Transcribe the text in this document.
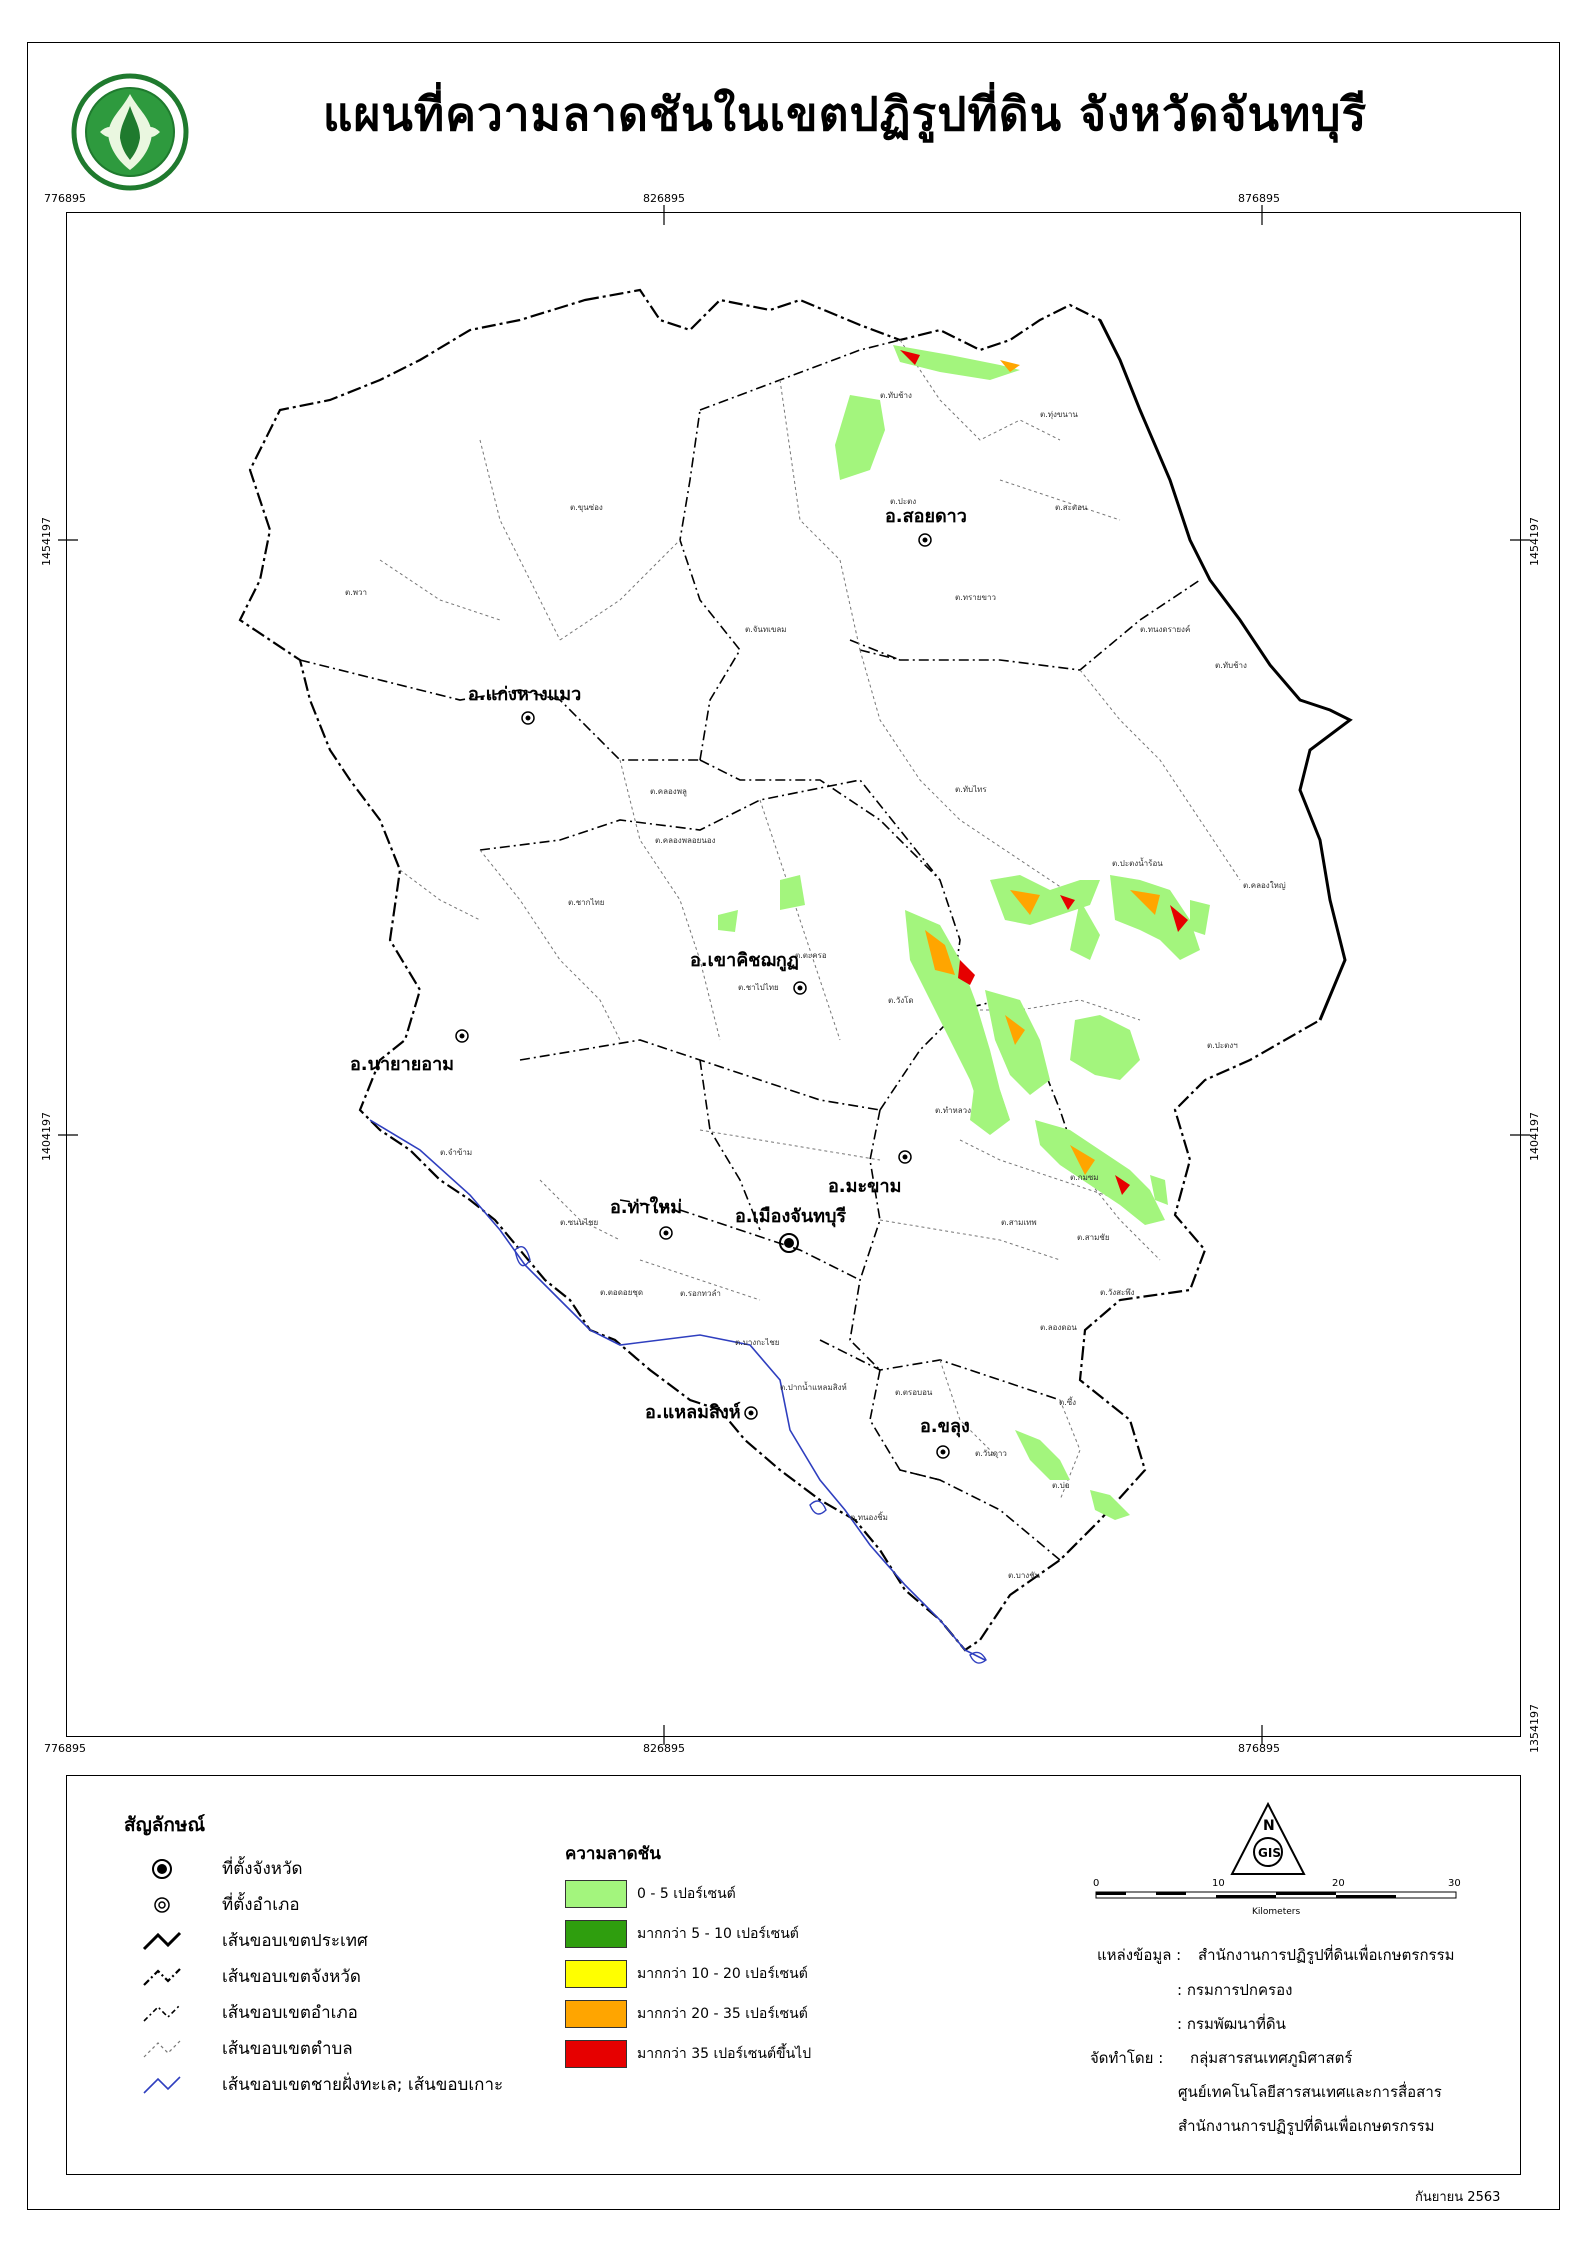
แผนที่ความลาดชันในเขตปฏิรูปที่ดิน จังหวัดจันทบุรี
776895	826895	876895
776895	826895	876895
1454197
1404197
1454197
1404197
1354197
ต.พวา
ต.ขุนซ่อง
ต.ทับช้าง
ต.ทุ่งขนาน
ต.ปะตง
ต.สะตอน
ต.ทรายขาว
ต.จันทเขลม	ต.ทนงดรายงค์
ต.ทับช้าง
ต.ทับไทร
ต.ปะตงน้ำร้อน
ต.คลองใหญ่
ต.คลองพลู
ต.คลองพลอยนอง
ต.ชากไทย
ต.ตะครอ
ต.ชาไปไทย
ต.วังโด
ต.ปะตงฯ
ต.ทำหลวง
ต.กมซม
ต.สามเทพ
ต.สามชัย
ต.วังสะพึง
ต.ลองดอน
ต.ซึ้ง
ต.วันดาว
ต.บ่อ
ต.บางชัน
ต.ปากน้ำแหลมสิงห์
ต.ตรอบอน
ต.บางกะไชย
ต.ทนองชิ้ม
ต.ซนนไชย
ต.จำข้าม
ต.ตอดอยชุด	ต.รอกทวลำ
อ.สอยดาว
อ.แก่งหางแมว
อ.เขาคิชฌกูฏ
อ.นายายอาม
อ.มะขาม
อ.ท่าใหม่	อ.เมืองจันทบุรี
อ.แหลมสิงห์
อ.ขลุง
สัญลักษณ์
ที่ตั้งจังหวัด
ที่ตั้งอำเภอ
เส้นขอบเขตประเทศ
เส้นขอบเขตจังหวัด
เส้นขอบเขตอำเภอ
เส้นขอบเขตตำบล
เส้นขอบเขตชายฝั่งทะเล; เส้นขอบเกาะ
ความลาดชัน
0 - 5 เปอร์เซนต์
มากกว่า 5 - 10 เปอร์เซนต์
มากกว่า 10 - 20 เปอร์เซนต์
มากกว่า 20 - 35 เปอร์เซนต์
มากกว่า 35 เปอร์เซนต์ขึ้นไป
N
GIS
0	10	20	30
Kilometers
แหล่งข้อมูล : สำนักงานการปฏิรูปที่ดินเพื่อเกษตรกรรม
: กรมการปกครอง
: กรมพัฒนาที่ดิน
จัดทำโดย : กลุ่มสารสนเทศภูมิศาสตร์
ศูนย์เทคโนโลยีสารสนเทศและการสื่อสาร
สำนักงานการปฏิรูปที่ดินเพื่อเกษตรกรรม
กันยายน 2563
